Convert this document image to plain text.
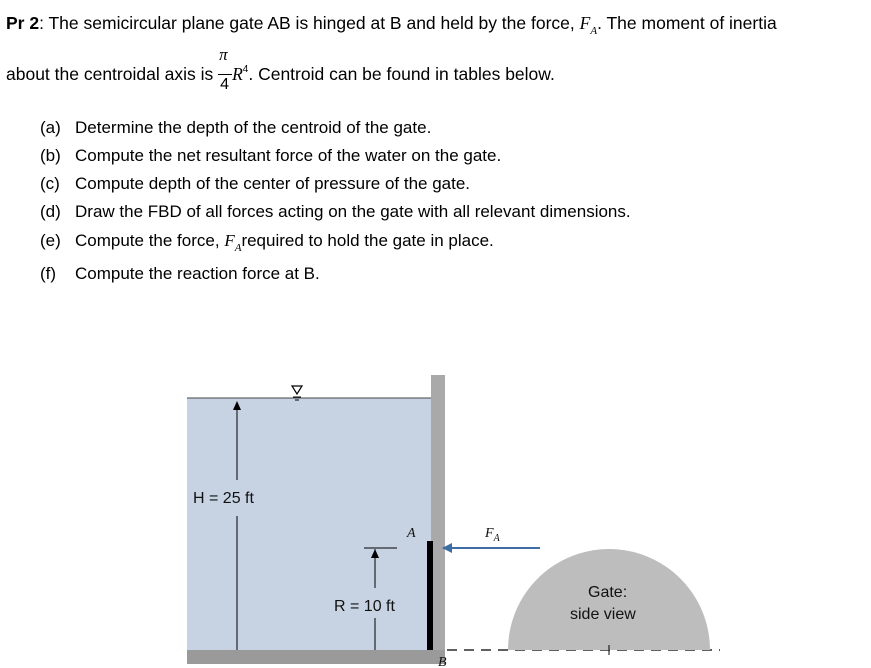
Pr 2: The semicircular plane gate AB is hinged at B and held by the force, $F_A$. The moment of inertia
about the centroidal axis is $\frac{\pi}{4} R^4$. Centroid can be found in tables below.
(a) Determine the depth of the centroid of the gate.
(b) Compute the net resultant force of the water on the gate.
(c) Compute depth of the center of pressure of the gate.
(d) Draw the FBD of all forces acting on the gate with all relevant dimensions.
(e) Compute the force, $F_Arequired$ to hold the gate in place.
(f) Compute the reaction force at B.
H = 25 ft
R = 10 ft
A
B
$F_A$
Gate:
side view
